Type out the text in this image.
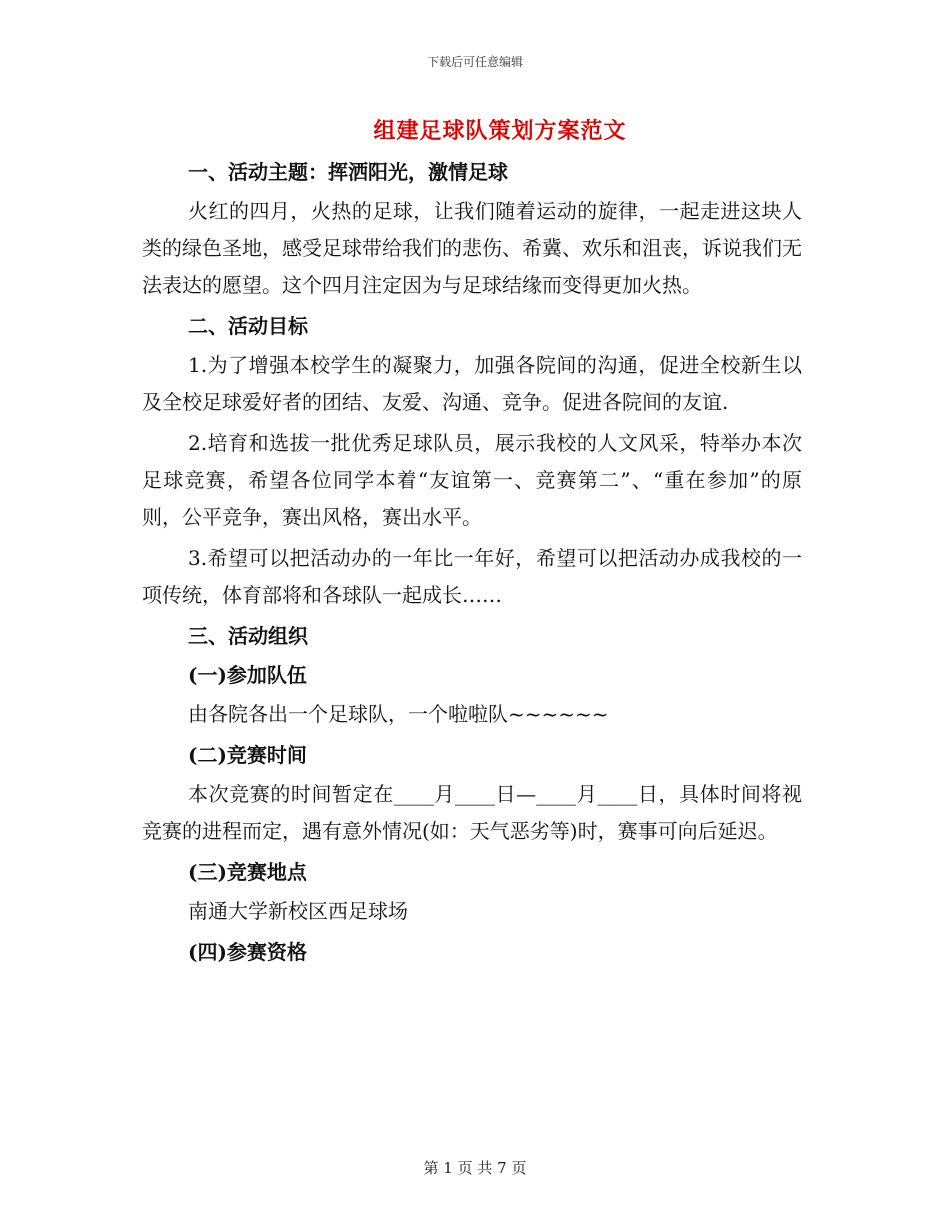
下载后可任意编辑
组建足球队策划方案范文

一、活动主题：挥洒阳光，激情足球

火红的四月，火热的足球，让我们随着运动的旋律，一起走进这块人类的绿色圣地，感受足球带给我们的悲伤、希冀、欢乐和沮丧，诉说我们无法表达的愿望。这个四月注定因为与足球结缘而变得更加火热。

二、活动目标

1.为了增强本校学生的凝聚力，加强各院间的沟通，促进全校新生以及全校足球爱好者的团结、友爱、沟通、竞争。促进各院间的友谊.

2.培育和选拔一批优秀足球队员，展示我校的人文风采，特举办本次足球竞赛，希望各位同学本着“友谊第一、竞赛第二”、“重在参加”的原则，公平竞争，赛出风格，赛出水平。

3.希望可以把活动办的一年比一年好，希望可以把活动办成我校的一项传统，体育部将和各球队一起成长……

三、活动组织

(一)参加队伍

由各院各出一个足球队，一个啦啦队~~~~~~

(二)竞赛时间

本次竞赛的时间暂定在____月____日—____月____日，具体时间将视竞赛的进程而定，遇有意外情况(如：天气恶劣等)时，赛事可向后延迟。

(三)竞赛地点

南通大学新校区西足球场

(四)参赛资格

第 1 页 共 7 页
